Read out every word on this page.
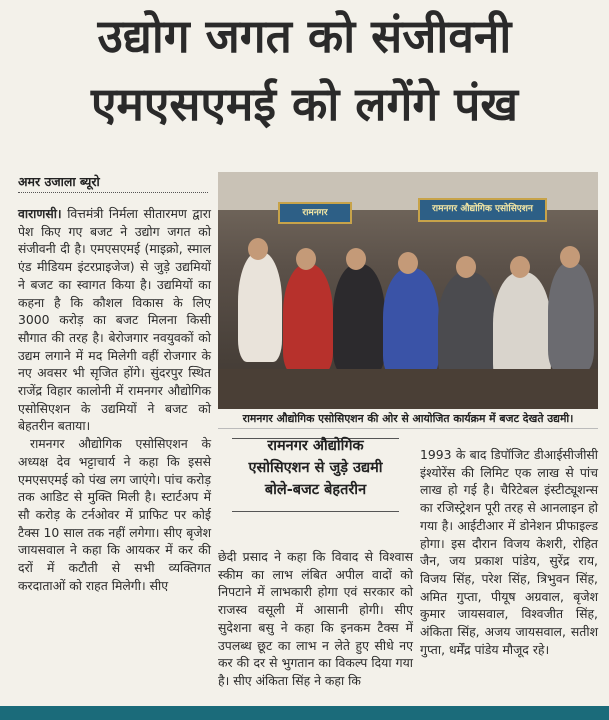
उद्योग जगत को संजीवनी
एमएसएमई को लगेंगे पंख
अमर उजाला ब्यूरो

वाराणसी। वित्तमंत्री निर्मला सीतारमण द्वारा पेश किए गए बजट ने उद्योग जगत को संजीवनी दी है। एमएसएमई (माइक्रो, स्माल एंड मीडियम इंटरप्राइजेज) से जुड़े उद्यमियों ने बजट का स्वागत किया है। उद्यमियों का कहना है कि कौशल विकास के लिए 3000 करोड़ का बजट मिलना किसी सौगात की तरह है। बेरोजगार नवयुवकों को उद्यम लगाने में मद मिलेगी वहीं रोजगार के नए अवसर भी सृजित होंगे। सुंदरपुर स्थित राजेंद्र विहार कालोनी में रामनगर औद्योगिक एसोसिएशन के उद्यमियों ने बजट को बेहतरीन बताया।

रामनगर औद्योगिक एसोसिएशन के अध्यक्ष देव भट्टाचार्य ने कहा कि इससे एमएसएमई को पंख लग जाएंगे। पांच करोड़ तक आडिट से मुक्ति मिली है। स्टार्टअप में सौ करोड़ के टर्नओवर में प्राफिट पर कोई टैक्स 10 साल तक नहीं लगेगा। सीए बृजेश जायसवाल ने कहा कि आयकर में कर की दरों में कटौती से सभी व्यक्तिगत करदाताओं को राहत मिलेगी। सीए

रामनगर	रामनगर औद्योगिक एसोसिएशन
रामनगर औद्योगिक एसोसिएशन की ओर से आयोजित कार्यक्रम में बजट देखते उद्यमी।
रामनगर औद्योगिक
एसोसिएशन से जुड़े उद्यमी
बोले-बजट बेहतरीन

छेदी प्रसाद ने कहा कि विवाद से विश्वास स्कीम का लाभ लंबित अपील वादों को निपटाने में लाभकारी होगा एवं सरकार को राजस्व वसूली में आसानी होगी। सीए सुदेशना बसु ने कहा कि इनकम टैक्स में उपलब्ध छूट का लाभ न लेते हुए सीधे नए कर की दर से भुगतान का विकल्प दिया गया है। सीए अंकिता सिंह ने कहा कि

1993 के बाद डिपॉजिट डीआईसीजीसी इंश्योरेंस की लिमिट एक लाख से पांच लाख हो गई है। चैरिटेबल इंस्टीट्यूशन्स का रजिस्ट्रेशन पूरी तरह से आनलाइन हो गया है। आईटीआर में डोनेशन प्रीफाइल्ड होगा। इस दौरान विजय केशरी, रोहित जैन, जय प्रकाश पांडेय, सुरेंद्र राय, विजय सिंह, परेश सिंह, त्रिभुवन सिंह, अमित गुप्ता, पीयूष अग्रवाल, बृजेश कुमार जायसवाल, विश्वजीत सिंह, अंकिता सिंह, अजय जायसवाल, सतीश गुप्ता, धर्मेंद्र पांडेय मौजूद रहे।
